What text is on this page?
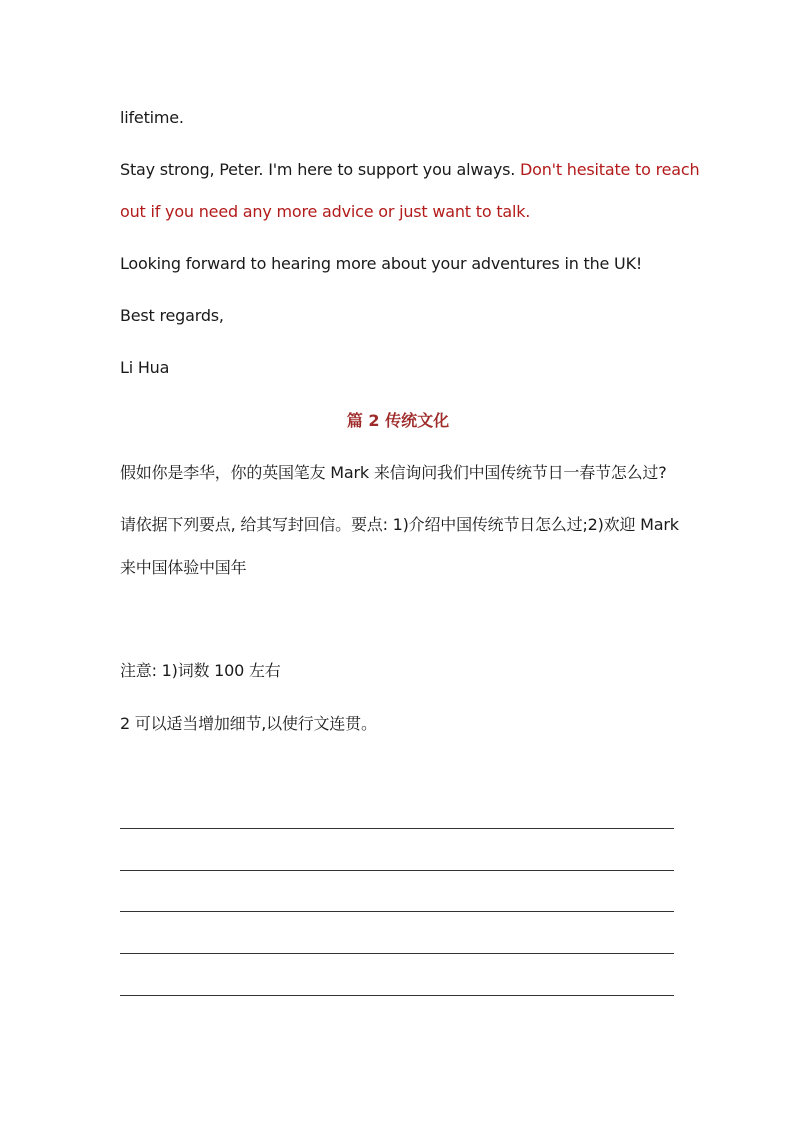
lifetime.
Stay strong, Peter. I'm here to support you always. Don't hesitate to reach
out if you need any more advice or just want to talk.
Looking forward to hearing more about your adventures in the UK!
Best regards,
Li Hua
篇 2 传统文化
假如你是李华，你的英国笔友 Mark 来信询问我们中国传统节日一春节怎么过?
请依据下列要点, 给其写封回信。要点: 1)介绍中国传统节日怎么过;2)欢迎 Mark
来中国体验中国年
注意: 1)词数 100 左右
2 可以适当增加细节,以使行文连贯。
